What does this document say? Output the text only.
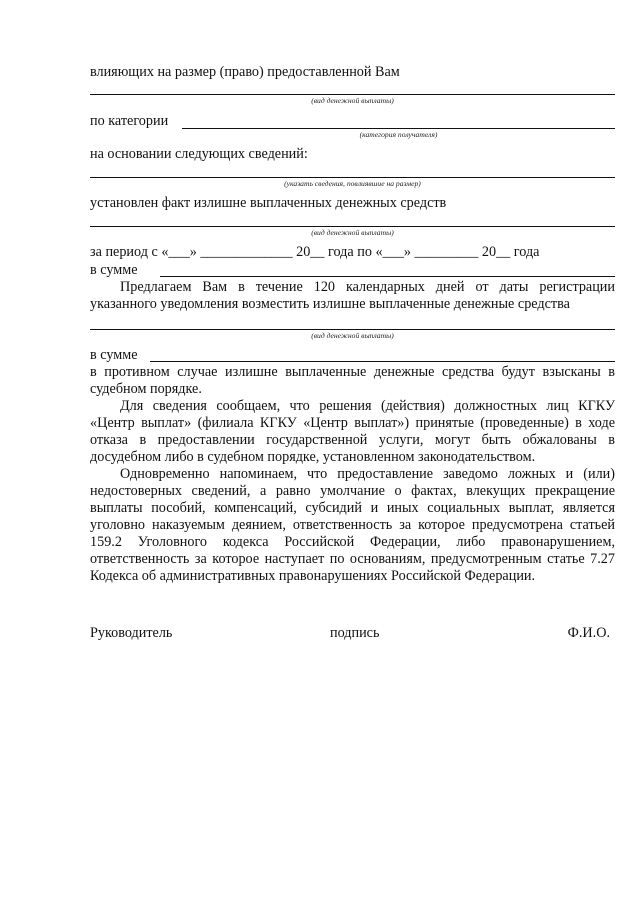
влияющих на размер (право) предоставленной Вам
(вид денежной выплаты)
по категории
(категория получателя)
на основании следующих сведений:
(указать сведения, повлиявшие на размер)
установлен факт излишне выплаченных денежных средств
(вид денежной выплаты)
за период с «___» _____________ 20__ года по «___» _________ 20__ года
в сумме
Предлагаем Вам в течение 120 календарных дней от даты регистрации указанного уведомления возместить излишне выплаченные денежные средства
(вид денежной выплаты)
в сумме

в противном случае излишне выплаченные денежные средства будут взысканы в судебном порядке.

Для сведения сообщаем, что решения (действия) должностных лиц КГКУ «Центр выплат» (филиала КГКУ «Центр выплат») принятые (проведенные) в ходе отказа в предоставлении государственной услуги, могут быть обжалованы в досудебном либо в судебном порядке, установленном законодательством.

Одновременно напоминаем, что предоставление заведомо ложных и (или) недостоверных сведений, а равно умолчание о фактах, влекущих прекращение выплаты пособий, компенсаций, субсидий и иных социальных выплат, является уголовно наказуемым деянием, ответственность за которое предусмотрена статьей 159.2 Уголовного кодекса Российской Федерации, либо правонарушением, ответственность за которое наступает по основаниям, предусмотренным статье 7.27 Кодекса об административных правонарушениях Российской Федерации.

Руководитель	подпись	Ф.И.О.
